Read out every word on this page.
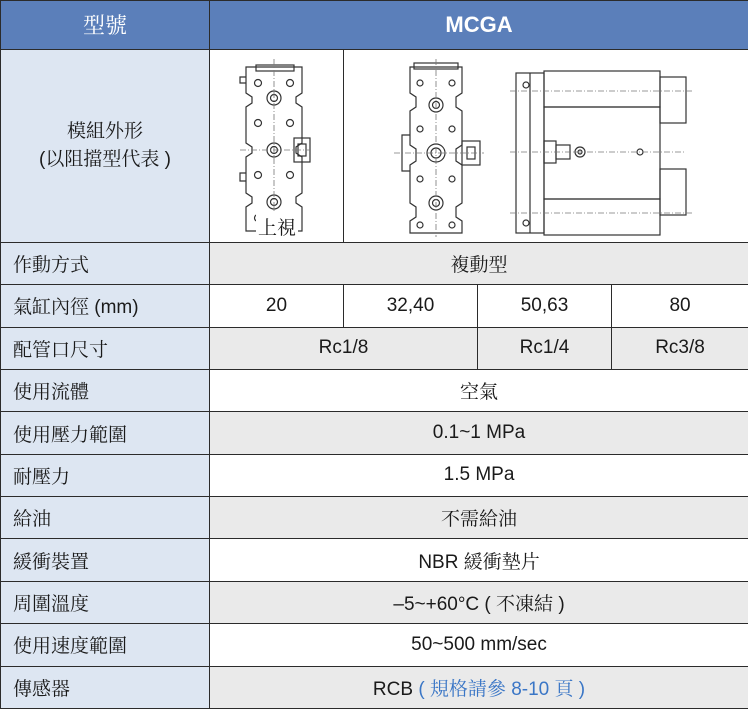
型號	MCGA			

模組外形
(以阻擋型代表 )	上視

作動方式	複動型			
氣缸內徑 (mm)	20	32,40	50,63	80
配管口尺寸	Rc1/8		Rc1/4	Rc3/8
使用流體	空氣			
使用壓力範圍	0.1~1 MPa			
耐壓力	1.5 MPa			
給油	不需給油			
緩衝裝置	NBR 緩衝墊片			
周圍溫度	–5~+60°C ( 不凍結 )			
使用速度範圍	50~500 mm/sec			
傳感器	RCB ( 規格請參 8-10 頁 )			
